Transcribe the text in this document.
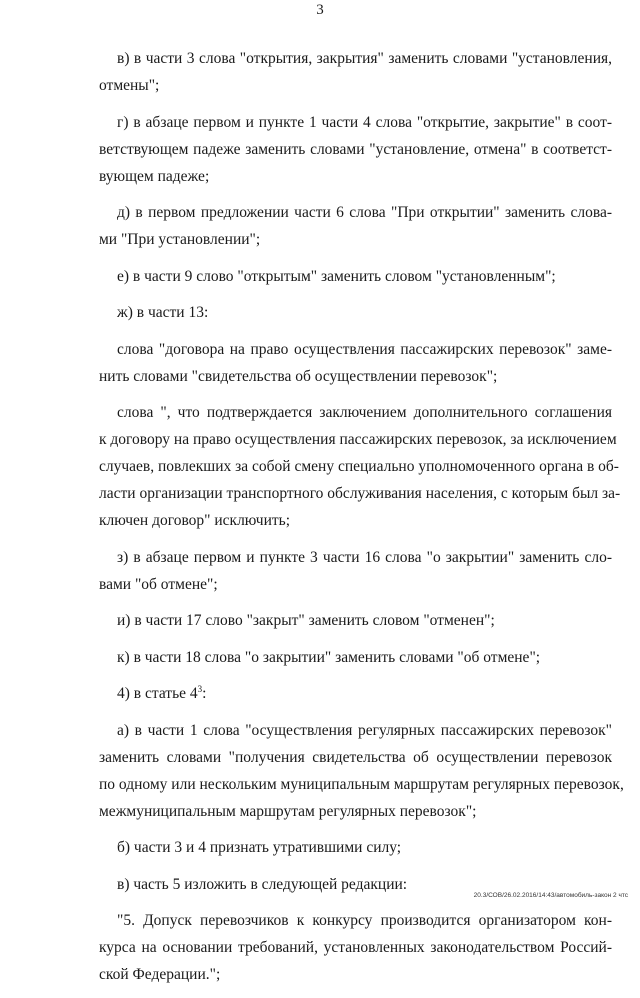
3
в) в части 3 слова "открытия, закрытия" заменить словами "установления,
отмены";
г) в абзаце первом и пункте 1 части 4 слова "открытие, закрытие" в соот-
ветствующем падеже заменить словами "установление, отмена" в соответст-
вующем падеже;
д) в первом предложении части 6 слова "При открытии" заменить слова-
ми "При установлении";
е) в части 9 слово "открытым" заменить словом "установленным";
ж) в части 13:
слова "договора на право осуществления пассажирских перевозок" заме-
нить словами "свидетельства об осуществлении перевозок";
слова ", что подтверждается заключением дополнительного соглашения
к договору на право осуществления пассажирских перевозок, за исключением
случаев, повлекших за собой смену специально уполномоченного органа в об-
ласти организации транспортного обслуживания населения, с которым был за-
ключен договор" исключить;
з) в абзаце первом и пункте 3 части 16 слова "о закрытии" заменить сло-
вами "об отмене";
и) в части 17 слово "закрыт" заменить словом "отменен";
к) в части 18 слова "о закрытии" заменить словами "об отмене";
4) в статье $4^3$:
а) в части 1 слова "осуществления регулярных пассажирских перевозок"
заменить словами "получения свидетельства об осуществлении перевозок
по одному или нескольким муниципальным маршрутам регулярных перевозок,
межмуниципальным маршрутам регулярных перевозок";
б) части 3 и 4 признать утратившими силу;
в) часть 5 изложить в следующей редакции:
"5. Допуск перевозчиков к конкурсу производится организатором кон-
курса на основании требований, установленных законодательством Россий-
ской Федерации.";
20.3/СОВ/26.02.2016/14:43/автомобиль-закон 2 чтс
